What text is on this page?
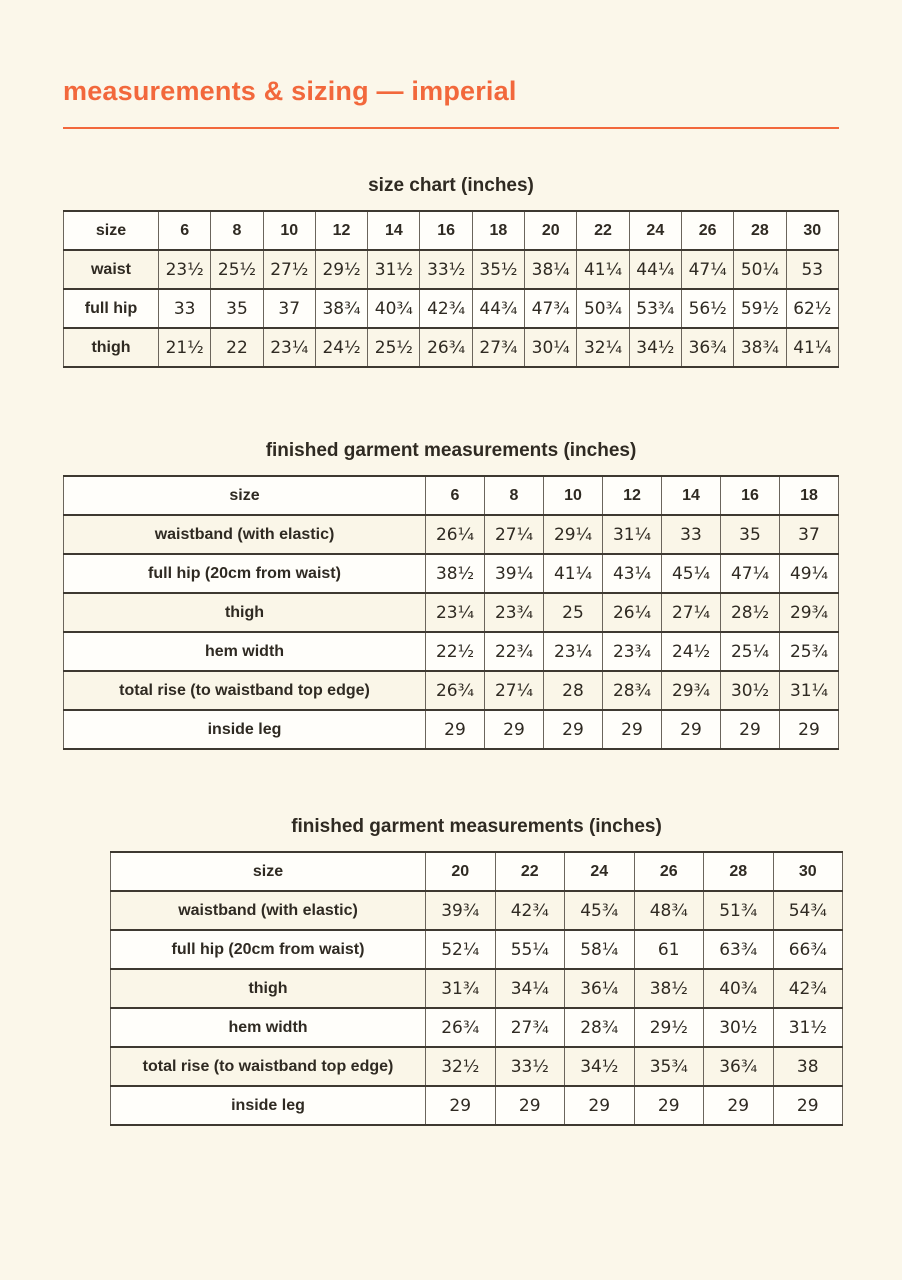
measurements & sizing — imperial
size chart (inches)
size	6	8	10	12	14	16	18	20	22	24	26	28	30
waist	23½	25½	27½	29½	31½	33½	35½	38¼	41¼	44¼	47¼	50¼	53
full hip	33	35	37	38¾	40¾	42¾	44¾	47¾	50¾	53¾	56½	59½	62½
thigh	21½	22	23¼	24½	25½	26¾	27¾	30¼	32¼	34½	36¾	38¾	41¼
finished garment measurements (inches)
size	6	8	10	12	14	16	18
waistband (with elastic)	26¼	27¼	29¼	31¼	33	35	37
full hip (20cm from waist)	38½	39¼	41¼	43¼	45¼	47¼	49¼
thigh	23¼	23¾	25	26¼	27¼	28½	29¾
hem width	22½	22¾	23¼	23¾	24½	25¼	25¾
total rise (to waistband top edge)	26¾	27¼	28	28¾	29¾	30½	31¼
inside leg	29	29	29	29	29	29	29
finished garment measurements (inches)
size	20	22	24	26	28	30
waistband (with elastic)	39¾	42¾	45¾	48¾	51¾	54¾
full hip (20cm from waist)	52¼	55¼	58¼	61	63¾	66¾
thigh	31¾	34¼	36¼	38½	40¾	42¾
hem width	26¾	27¾	28¾	29½	30½	31½
total rise (to waistband top edge)	32½	33½	34½	35¾	36¾	38
inside leg	29	29	29	29	29	29
